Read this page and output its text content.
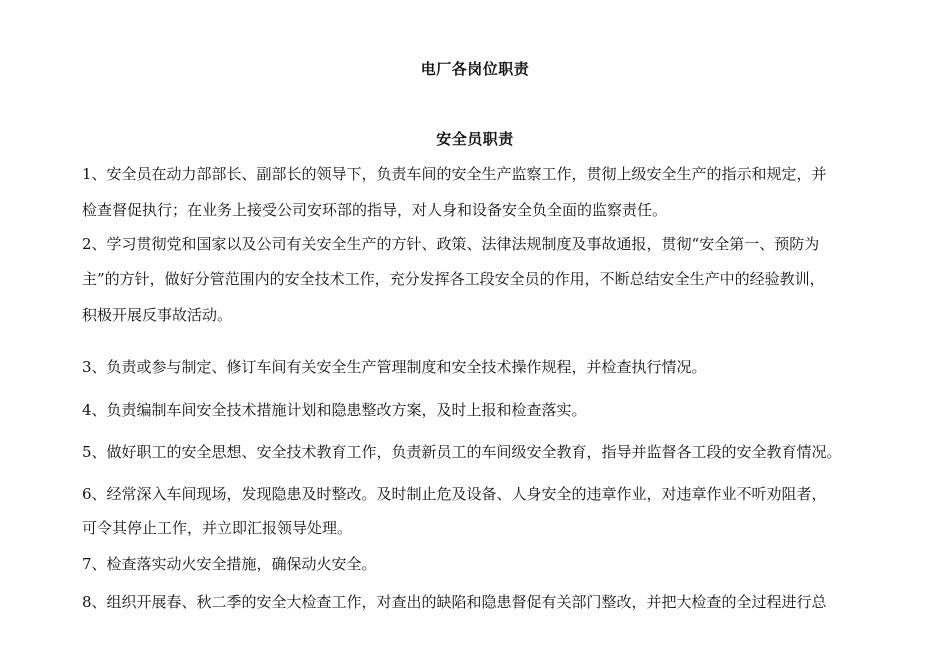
电厂各岗位职责
安全员职责
1、安全员在动力部部长、副部长的领导下，负责车间的安全生产监察工作，贯彻上级安全生产的指示和规定，并
检查督促执行；在业务上接受公司安环部的指导，对人身和设备安全负全面的监察责任。
2、学习贯彻党和国家以及公司有关安全生产的方针、政策、法律法规制度及事故通报，贯彻“安全第一、预防为
主”的方针，做好分管范围内的安全技术工作，充分发挥各工段安全员的作用，不断总结安全生产中的经验教训，
积极开展反事故活动。
3、负责或参与制定、修订车间有关安全生产管理制度和安全技术操作规程，并检查执行情况。
4、负责编制车间安全技术措施计划和隐患整改方案，及时上报和检查落实。
5、做好职工的安全思想、安全技术教育工作，负责新员工的车间级安全教育，指导并监督各工段的安全教育情况。
6、经常深入车间现场，发现隐患及时整改。及时制止危及设备、人身安全的违章作业，对违章作业不听劝阻者，
可令其停止工作，并立即汇报领导处理。
7、检查落实动火安全措施，确保动火安全。
8、组织开展春、秋二季的安全大检查工作，对查出的缺陷和隐患督促有关部门整改，并把大检查的全过程进行总
